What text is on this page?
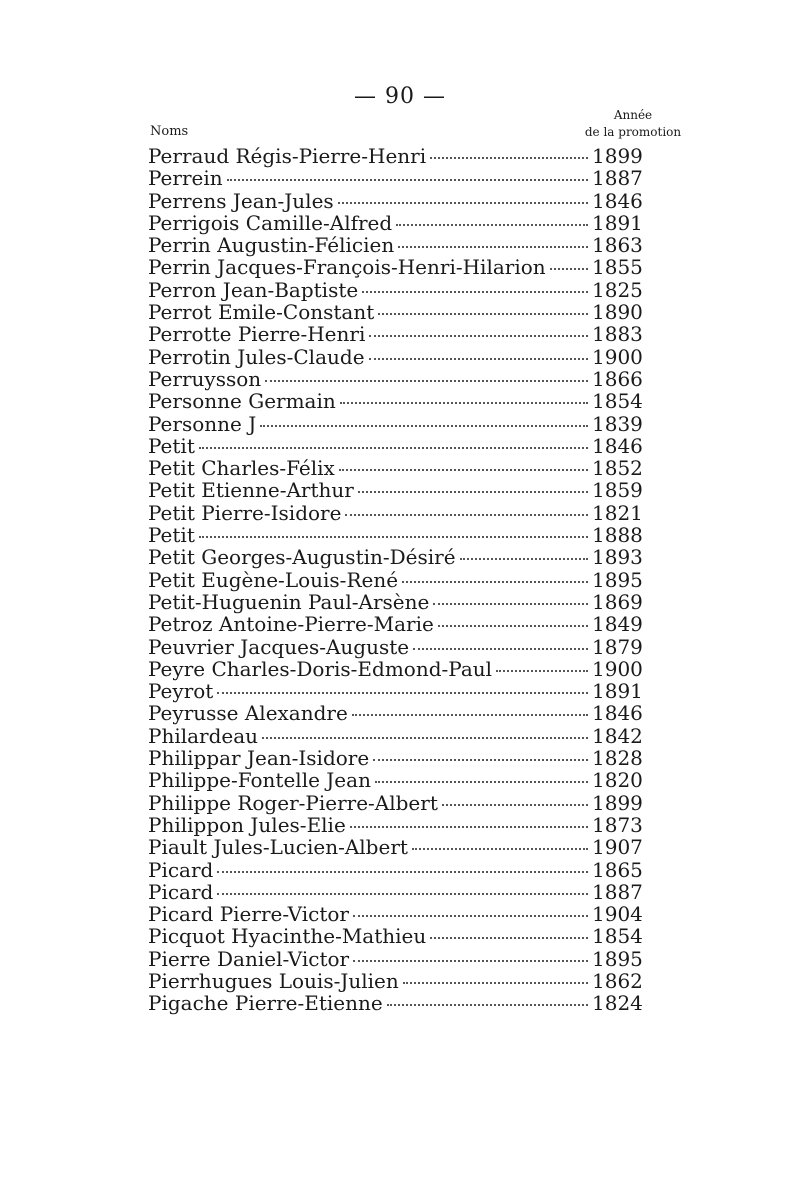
— 90 —
Noms
Année
de la promotion
Perraud Régis-Pierre-Henri	1899
Perrein	1887
Perrens Jean-Jules	1846
Perrigois Camille-Alfred	1891
Perrin Augustin-Félicien	1863
Perrin Jacques-François-Henri-Hilarion 1855
Perron Jean-Baptiste	1825
Perrot Emile-Constant	1890
Perrotte Pierre-Henri	1883
Perrotin Jules-Claude	1900
Perruysson	1866
Personne Germain	1854
Personne J	1839
Petit	1846
Petit Charles-Félix	1852
Petit Etienne-Arthur	1859
Petit Pierre-Isidore	1821
Petit	1888
Petit Georges-Augustin-Désiré	1893
Petit Eugène-Louis-René	1895
Petit-Huguenin Paul-Arsène	1869
Petroz Antoine-Pierre-Marie	1849
Peuvrier Jacques-Auguste	1879
Peyre Charles-Doris-Edmond-Paul	1900
Peyrot	1891
Peyrusse Alexandre	1846
Philardeau	1842
Philippar Jean-Isidore	1828
Philippe-Fontelle Jean	1820
Philippe Roger-Pierre-Albert	1899
Philippon Jules-Elie	1873
Piault Jules-Lucien-Albert	1907
Picard	1865
Picard	1887
Picard Pierre-Victor	1904
Picquot Hyacinthe-Mathieu	1854
Pierre Daniel-Victor	1895
Pierrhugues Louis-Julien	1862
Pigache Pierre-Etienne	1824
